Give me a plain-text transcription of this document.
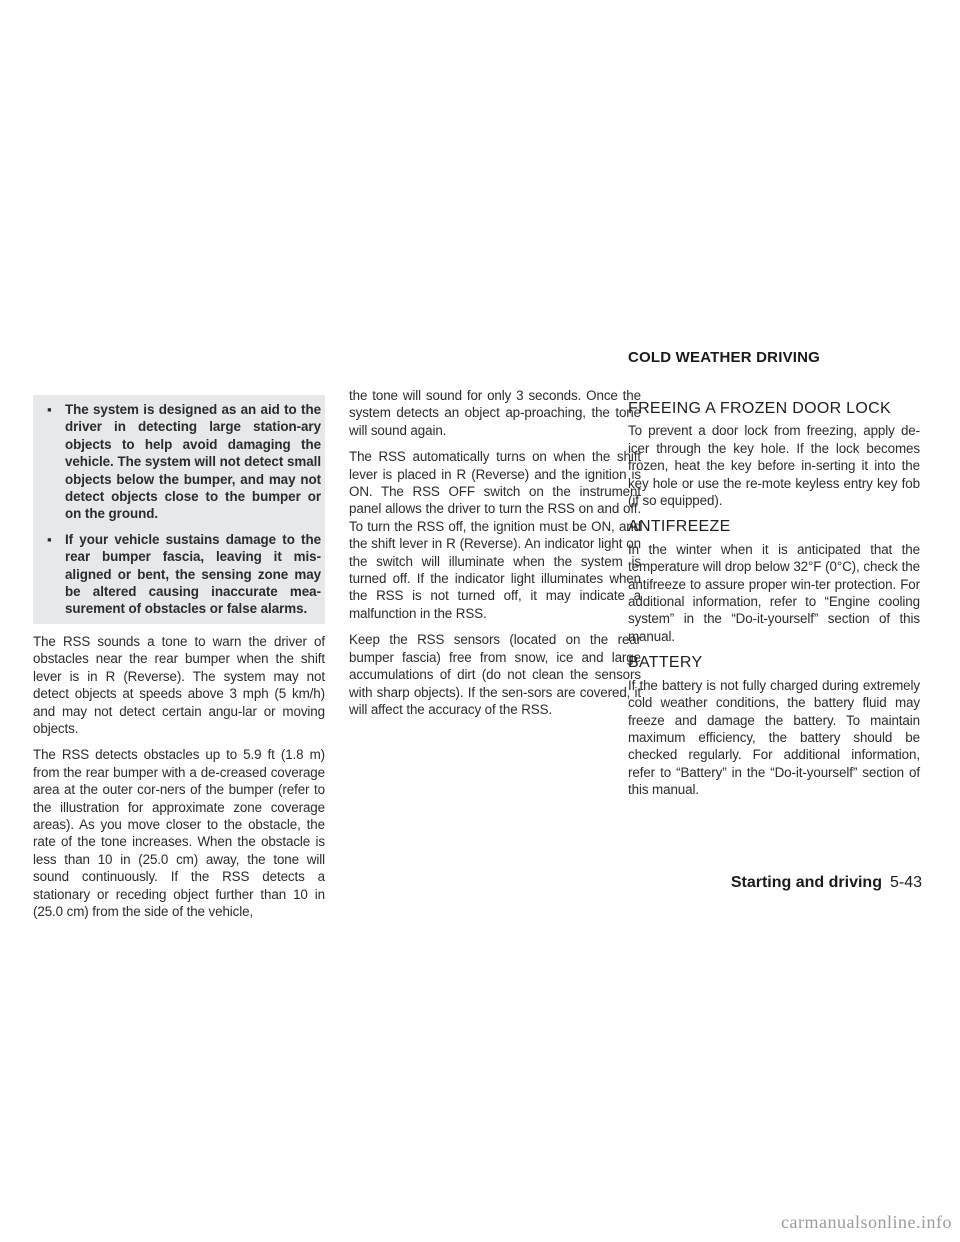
COLD WEATHER DRIVING
▪ The system is designed as an aid to the driver in detecting large station-ary objects to help avoid damaging the vehicle. The system will not detect small objects below the bumper, and may not detect objects close to the bumper or on the ground.
▪ If your vehicle sustains damage to the rear bumper fascia, leaving it mis-aligned or bent, the sensing zone may be altered causing inaccurate mea-surement of obstacles or false alarms.

The RSS sounds a tone to warn the driver of obstacles near the rear bumper when the shift lever is in R (Reverse). The system may not detect objects at speeds above 3 mph (5 km/h) and may not detect certain angu-lar or moving objects.

The RSS detects obstacles up to 5.9 ft (1.8 m) from the rear bumper with a de-creased coverage area at the outer cor-ners of the bumper (refer to the illustration for approximate zone coverage areas). As you move closer to the obstacle, the rate of the tone increases. When the obstacle is less than 10 in (25.0 cm) away, the tone will sound continuously. If the RSS detects a stationary or receding object further than 10 in (25.0 cm) from the side of the vehicle,

the tone will sound for only 3 seconds. Once the system detects an object ap-proaching, the tone will sound again.

The RSS automatically turns on when the shift lever is placed in R (Reverse) and the ignition is ON. The RSS OFF switch on the instrument panel allows the driver to turn the RSS on and off. To turn the RSS off, the ignition must be ON, and the shift lever in R (Reverse). An indicator light on the switch will illuminate when the system is turned off. If the indicator light illuminates when the RSS is not turned off, it may indicate a malfunction in the RSS.

Keep the RSS sensors (located on the rear bumper fascia) free from snow, ice and large accumulations of dirt (do not clean the sensors with sharp objects). If the sen-sors are covered, it will affect the accuracy of the RSS.

FREEING A FROZEN DOOR LOCK

To prevent a door lock from freezing, apply de-icer through the key hole. If the lock becomes frozen, heat the key before in-serting it into the key hole or use the re-mote keyless entry key fob (if so equipped).

ANTIFREEZE

In the winter when it is anticipated that the temperature will drop below 32°F (0°C), check the antifreeze to assure proper win-ter protection. For additional information, refer to “Engine cooling system” in the “Do-it-yourself” section of this manual.

BATTERY

If the battery is not fully charged during extremely cold weather conditions, the battery fluid may freeze and damage the battery. To maintain maximum efficiency, the battery should be checked regularly. For additional information, refer to “Battery” in the “Do-it-yourself” section of this manual.

Starting and driving 5-43
carmanualsonline.info
